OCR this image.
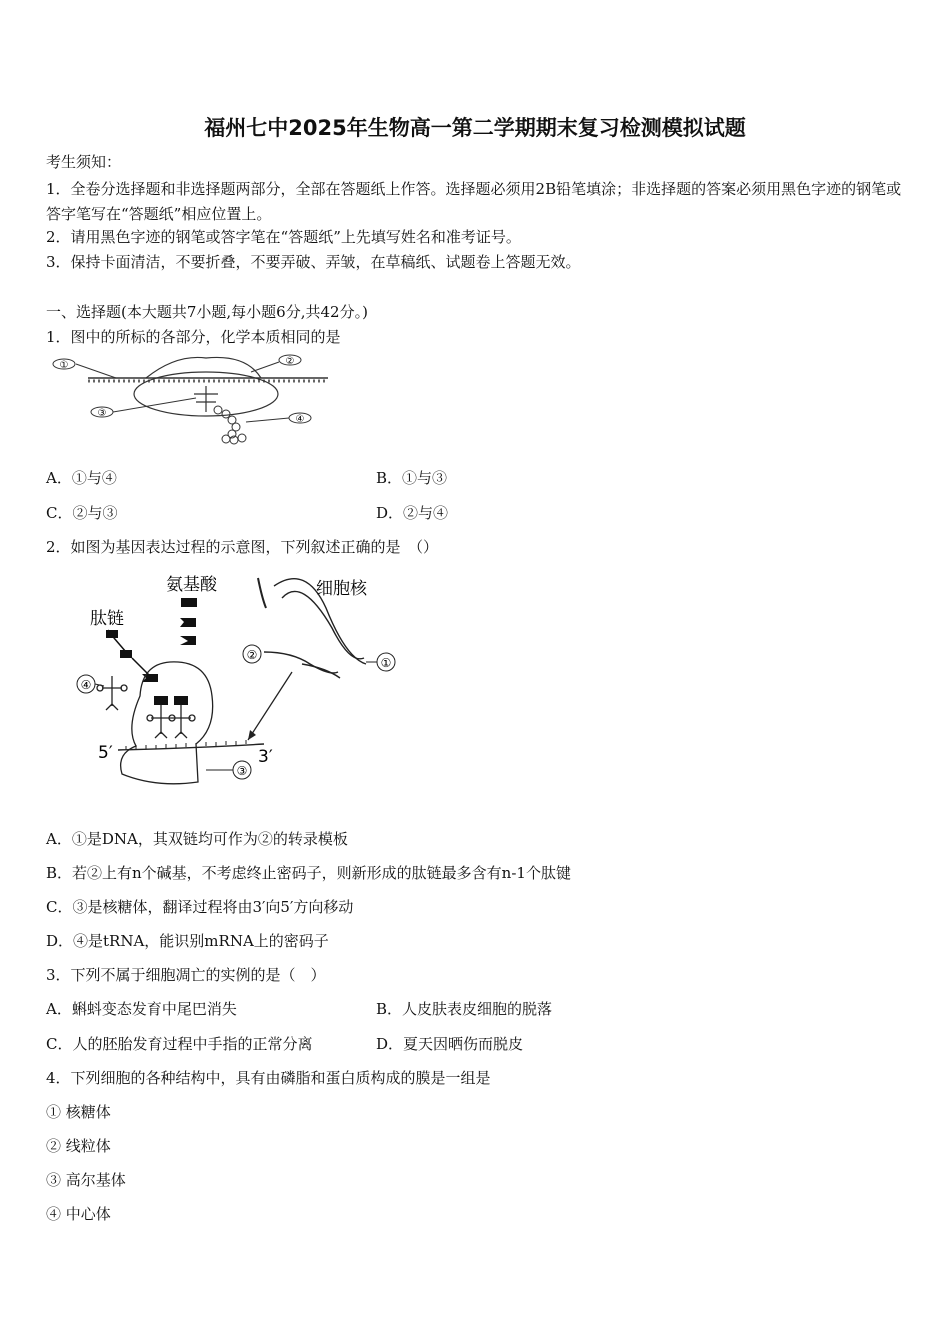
福州七中2025年生物高一第二学期期末复习检测模拟试题
考生须知：
1．全卷分选择题和非选择题两部分，全部在答题纸上作答。选择题必须用2B铅笔填涂；非选择题的答案必须用黑色字迹的钢笔或答字笔写在“答题纸”相应位置上。
2．请用黑色字迹的钢笔或答字笔在“答题纸”上先填写姓名和准考证号。
3．保持卡面清洁，不要折叠，不要弄破、弄皱，在草稿纸、试题卷上答题无效。
一、选择题(本大题共7小题,每小题6分,共42分。)
1．图中的所标的各部分，化学本质相同的是
①	②
③
④
A．①与④	B．①与③
C．②与③	D．②与④
2．如图为基因表达过程的示意图，下列叙述正确的是　（）
氨基酸
肽链
④
5′	3′
③
细胞核
②
①
A．①是DNA，其双链均可作为②的转录模板
B．若②上有n个碱基，不考虑终止密码子，则新形成的肽链最多含有n-1个肽键
C．③是核糖体，翻译过程将由3′向5′方向移动
D．④是tRNA，能识别mRNA上的密码子
3．下列不属于细胞凋亡的实例的是（　）
A．蝌蚪变态发育中尾巴消失	B．人皮肤表皮细胞的脱落
C．人的胚胎发育过程中手指的正常分离	D．夏天因晒伤而脱皮
4．下列细胞的各种结构中，具有由磷脂和蛋白质构成的膜是一组是
① 核糖体
② 线粒体
③ 高尔基体
④ 中心体
